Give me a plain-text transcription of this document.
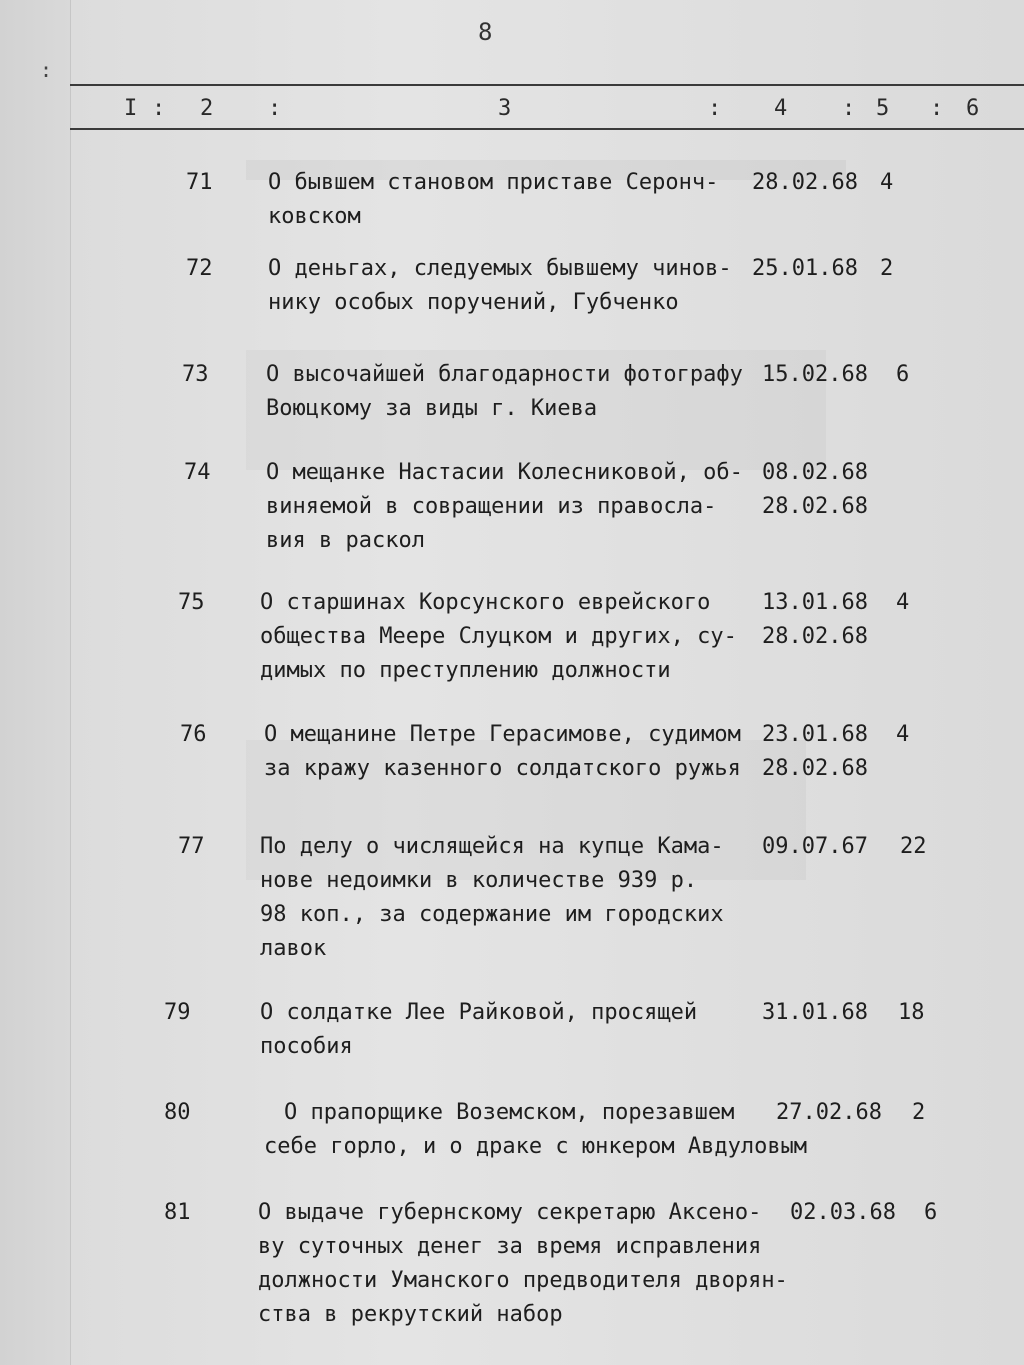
:
8
I : 2 :	3	: 4 : 5 : 6
71	О бывшем становом приставе Серонч-
ковском
28.02.68 4
72	О деньгах, следуемых бывшему чинов-
нику особых поручений, Губченко
25.01.68 2
73	О высочайшей благодарности фотографу
Воюцкому за виды г. Киева
15.02.68 6
74	О мещанке Настасии Колесниковой, об-
виняемой в совращении из правосла-
вия в раскол
08.02.68
28.02.68
75	О старшинах Корсунского еврейского
общества Меере Слуцком и других, су-
димых по преступлению должности
13.01.68
28.02.68
4
76	О мещанине Петре Герасимове, судимом
за кражу казенного солдатского ружья
23.01.68
28.02.68
4
77	По делу о числящейся на купце Кама-
нове недоимки в количестве 939 р.
98 коп., за содержание им городских
лавок
09.07.67 22
79	О солдатке Лее Райковой, просящей
пособия
31.01.68 18
80	О прапорщике Воземском, порезавшем
себе горло, и о драке с юнкером Авдуловым
27.02.68 2
81	О выдаче губернскому секретарю Аксено-
ву суточных денег за время исправления
должности Уманского предводителя дворян-
ства в рекрутский набор
02.03.68 6
